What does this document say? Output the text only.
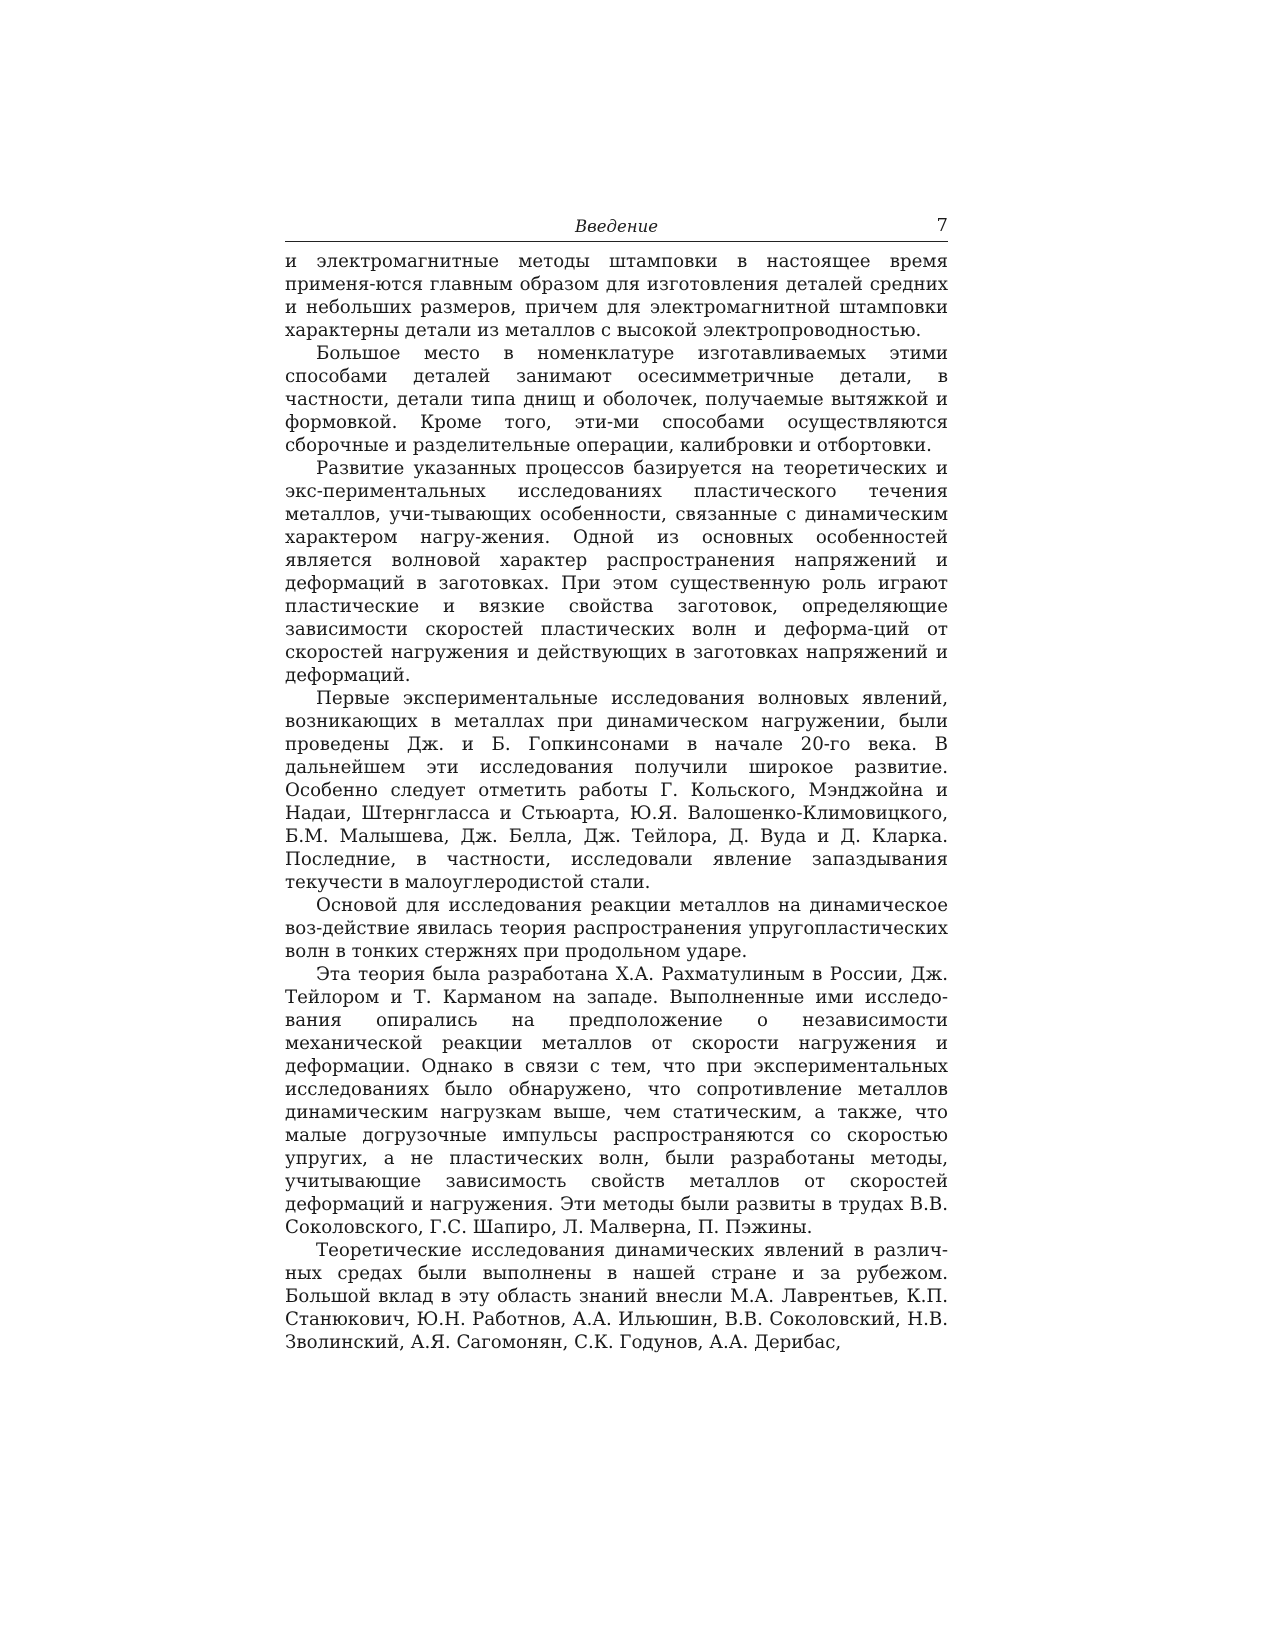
Введение	7

и электромагнитные методы штамповки в настоящее время применя-ются главным образом для изготовления деталей средних и небольших размеров, причем для электромагнитной штамповки характерны детали из металлов с высокой электропроводностью.

Большое место в номенклатуре изготавливаемых этими способами деталей занимают осесимметричные детали, в частности, детали типа днищ и оболочек, получаемые вытяжкой и формовкой. Кроме того, эти-ми способами осуществляются сборочные и разделительные операции, калибровки и отбортовки.

Развитие указанных процессов базируется на теоретических и экс-периментальных исследованиях пластического течения металлов, учи-тывающих особенности, связанные с динамическим характером нагру-жения. Одной из основных особенностей является волновой характер распространения напряжений и деформаций в заготовках. При этом существенную роль играют пластические и вязкие свойства заготовок, определяющие зависимости скоростей пластических волн и деформа-ций от скоростей нагружения и действующих в заготовках напряжений и деформаций.

Первые экспериментальные исследования волновых явлений, возникающих в металлах при динамическом нагружении, были проведены Дж. и Б. Гопкинсонами в начале 20-го века. В дальнейшем эти исследования получили широкое развитие. Особенно следует отметить работы Г. Кольского, Мэнджойна и Надаи, Штернгласса и Стьюарта, Ю.Я. Валошенко-Климовицкого, Б.М. Малышева, Дж. Белла, Дж. Тейлора, Д. Вуда и Д. Кларка. Последние, в частности, исследовали явление запаздывания текучести в малоуглеродистой стали.

Основой для исследования реакции металлов на динамическое воз-действие явилась теория распространения упругопластических волн в тонких стержнях при продольном ударе.

Эта теория была разработана Х.А. Рахматулиным в России, Дж. Тейлором и Т. Карманом на западе. Выполненные ими исследо-вания опирались на предположение о независимости механической реакции металлов от скорости нагружения и деформации. Однако в связи с тем, что при экспериментальных исследованиях было обнаружено, что сопротивление металлов динамическим нагрузкам выше, чем статическим, а также, что малые догрузочные импульсы распространяются со скоростью упругих, а не пластических волн, были разработаны методы, учитывающие зависимость свойств металлов от скоростей деформаций и нагружения. Эти методы были развиты в трудах В.В. Соколовского, Г.С. Шапиро, Л. Малверна, П. Пэжины.

Теоретические исследования динамических явлений в различ-ных средах были выполнены в нашей стране и за рубежом. Большой вклад в эту область знаний внесли М.А. Лаврентьев, К.П. Станюкович, Ю.Н. Работнов, А.А. Ильюшин, В.В. Соколовский, Н.В. Зволинский, А.Я. Сагомонян, С.К. Годунов, А.А. Дерибас,
